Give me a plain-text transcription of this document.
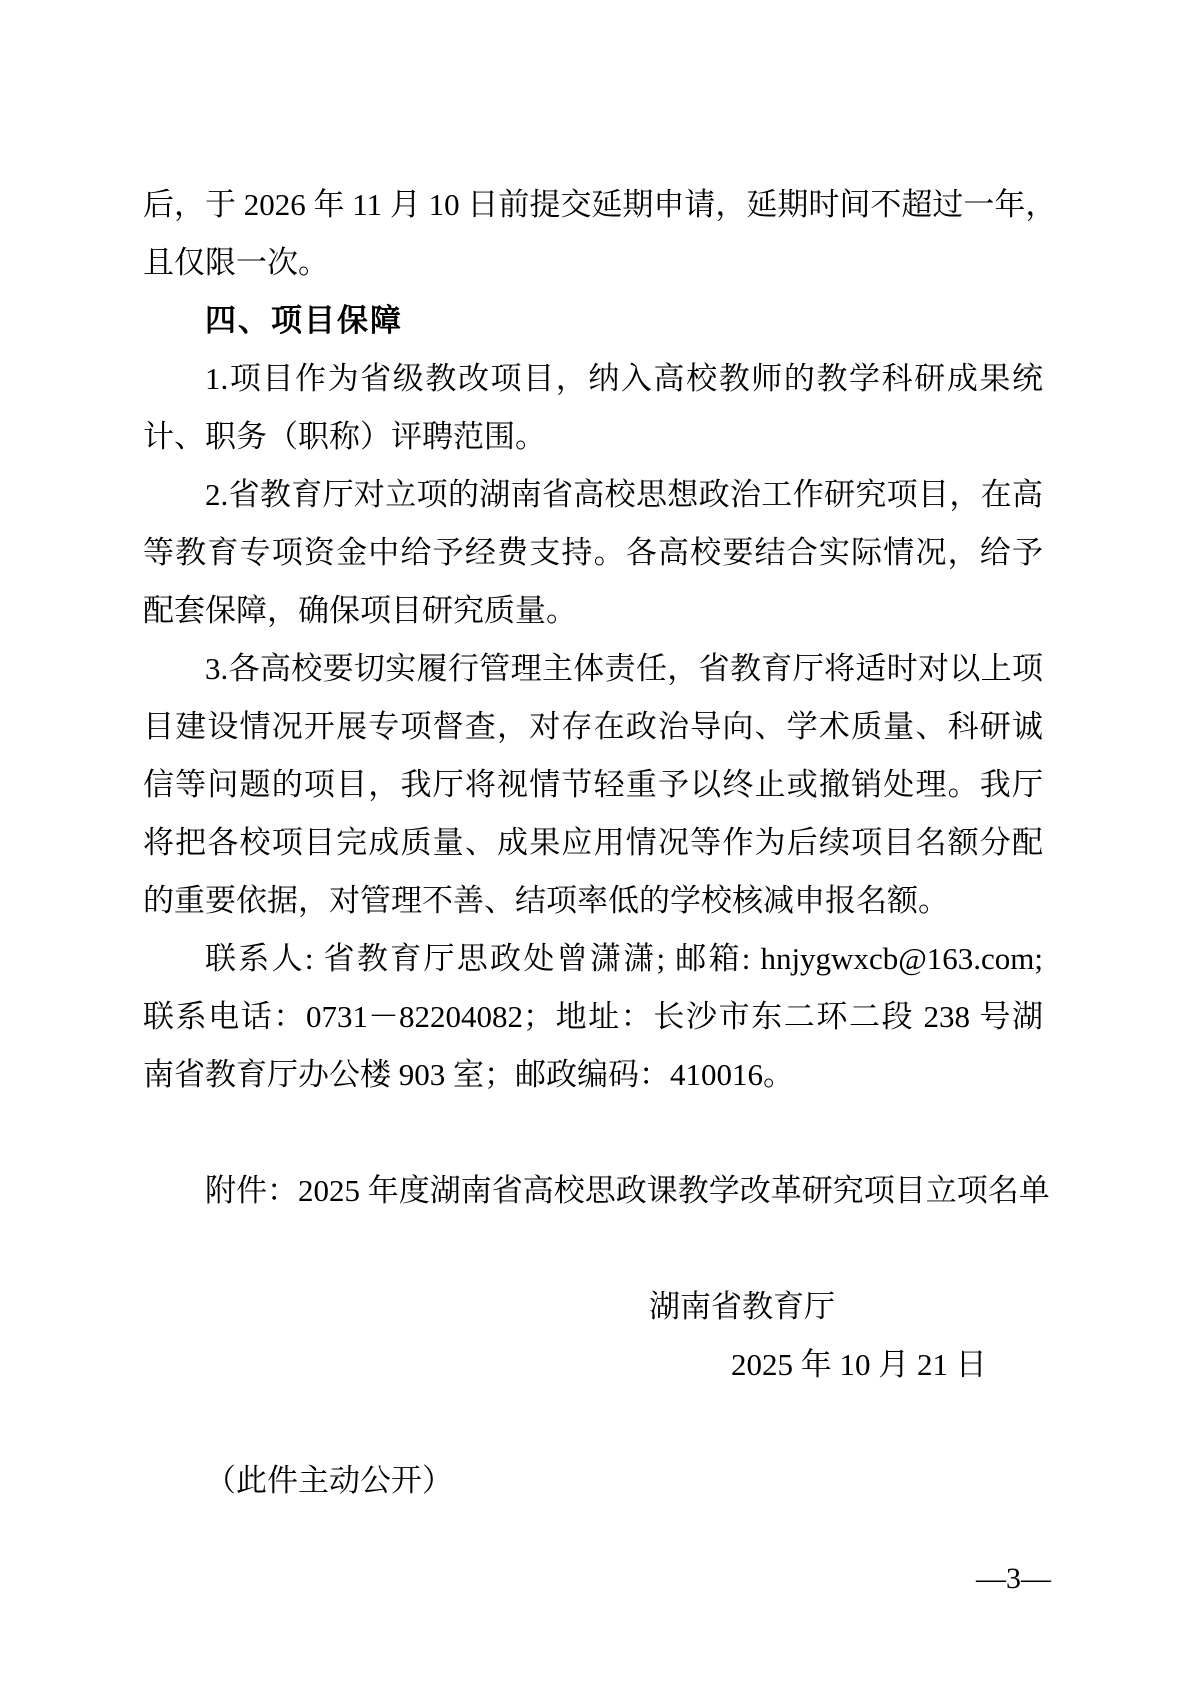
后，于 2026 年 11 月 10 日前提交延期申请，延期时间不超过一年，
且仅限一次。
四、项目保障
1.项目作为省级教改项目，纳入高校教师的教学科研成果统
计、职务（职称）评聘范围。
2.省教育厅对立项的湖南省高校思想政治工作研究项目，在高
等教育专项资金中给予经费支持。各高校要结合实际情况，给予
配套保障，确保项目研究质量。
3.各高校要切实履行管理主体责任，省教育厅将适时对以上项
目建设情况开展专项督查，对存在政治导向、学术质量、科研诚
信等问题的项目，我厅将视情节轻重予以终止或撤销处理。我厅
将把各校项目完成质量、成果应用情况等作为后续项目名额分配
的重要依据，对管理不善、结项率低的学校核减申报名额。
联系人: 省教育厅思政处曾潇潇; 邮箱: hnjygwxcb@163.com;
联系电话：0731－82204082；地址：长沙市东二环二段 238 号湖
南省教育厅办公楼 903 室；邮政编码：410016。
附件：2025 年度湖南省高校思政课教学改革研究项目立项名单
湖南省教育厅
2025 年 10 月 21 日
（此件主动公开）
—3—
